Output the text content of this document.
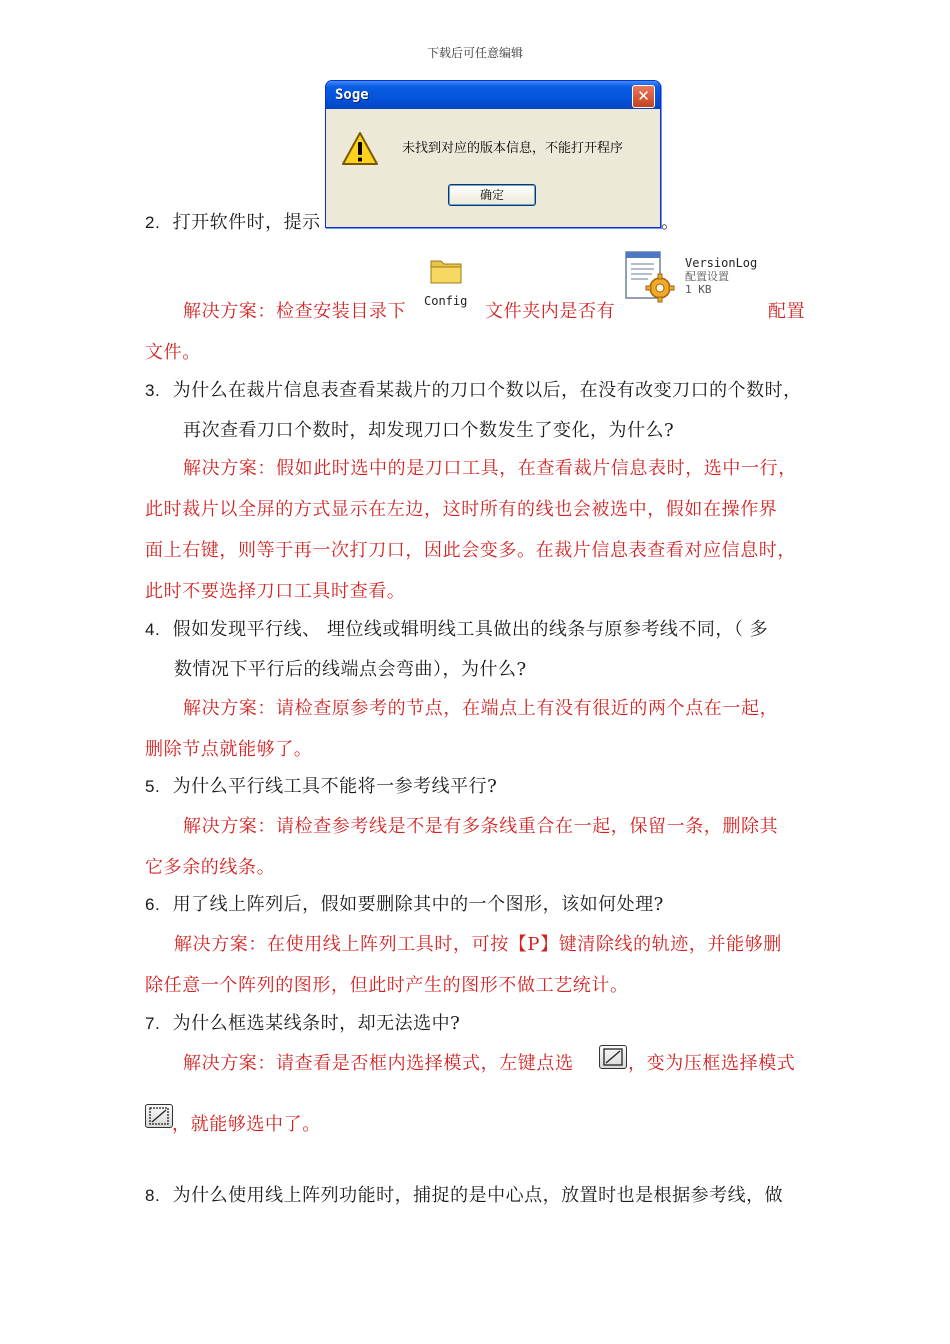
下载后可任意编辑
Soge	✕
未找到对应的版本信息，不能打开程序
确定
2. 打开软件时，提示	。
解决方案：检查安装目录下 Config 文件夹内是否有
VersionLog
配置设置
1 KB
配置
文件。
3. 为什么在裁片信息表查看某裁片的刀口个数以后，在没有改变刀口的个数时，
再次查看刀口个数时，却发现刀口个数发生了变化，为什么?
解决方案：假如此时选中的是刀口工具，在查看裁片信息表时，选中一行，
此时裁片以全屏的方式显示在左边，这时所有的线也会被选中，假如在操作界
面上右键，则等于再一次打刀口，因此会变多。在裁片信息表查看对应信息时，
此时不要选择刀口工具时查看。
4. 假如发现平行线、 埋位线或辑明线工具做出的线条与原参考线不同，（ 多
数情况下平行后的线端点会弯曲），为什么?
解决方案：请检查原参考的节点，在端点上有没有很近的两个点在一起，
删除节点就能够了。
5. 为什么平行线工具不能将一参考线平行?
解决方案：请检查参考线是不是有多条线重合在一起，保留一条，删除其
它多余的线条。
6. 用了线上阵列后，假如要删除其中的一个图形，该如何处理?
解决方案：在使用线上阵列工具时，可按【P】键清除线的轨迹，并能够删
除任意一个阵列的图形，但此时产生的图形不做工艺统计。
7. 为什么框选某线条时，却无法选中?
解决方案：请查看是否框内选择模式，左键点选	，变为压框选择模式
，就能够选中了。
8. 为什么使用线上阵列功能时，捕捉的是中心点，放置时也是根据参考线，做
